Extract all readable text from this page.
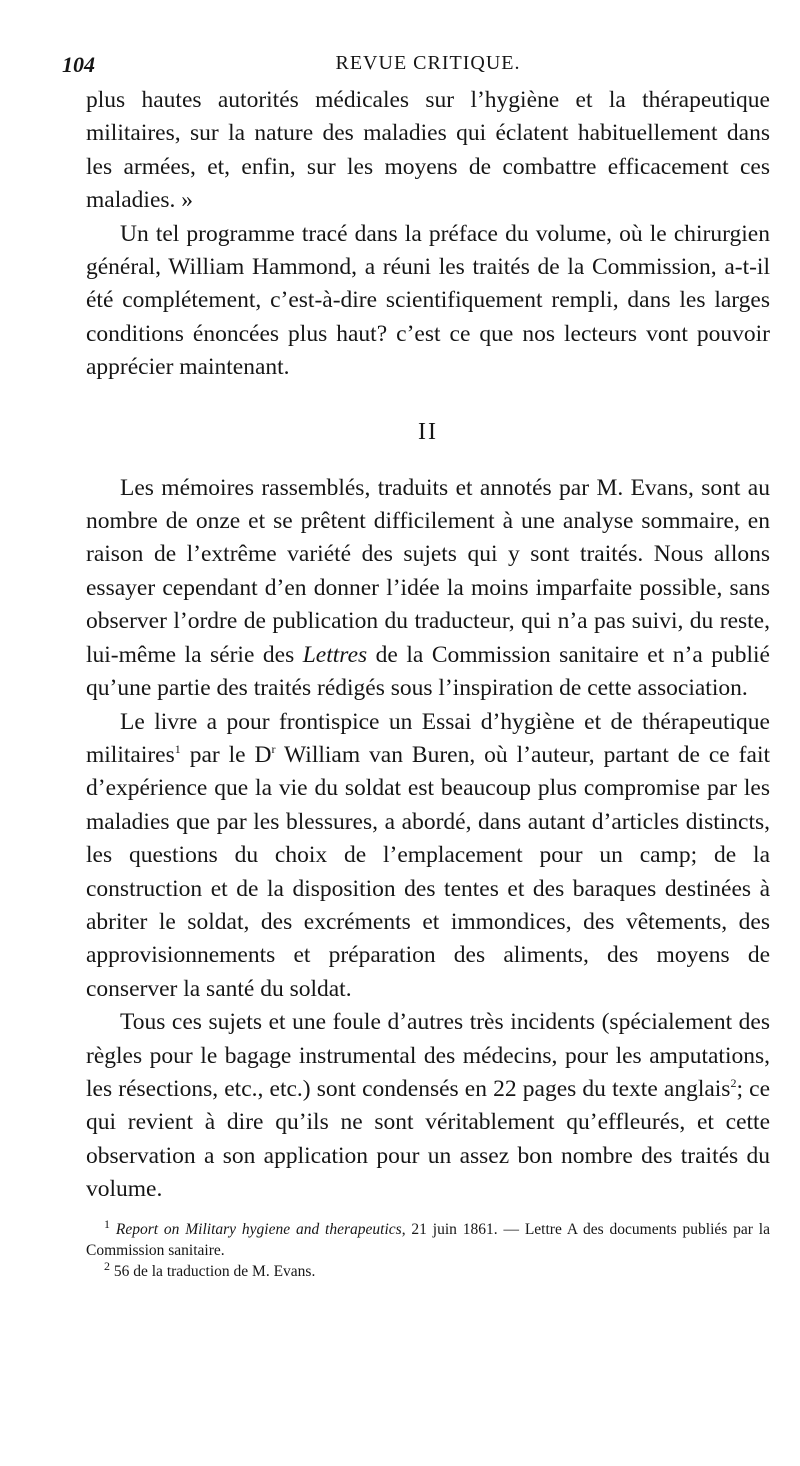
104	REVUE CRITIQUE.

plus hautes autorités médicales sur l’hygiène et la thérapeutique militaires, sur la nature des maladies qui éclatent habituellement dans les armées, et, enfin, sur les moyens de combattre efficacement ces maladies. »

Un tel programme tracé dans la préface du volume, où le chirurgien général, William Hammond, a réuni les traités de la Commission, a-t-il été complétement, c’est-à-dire scientifiquement rempli, dans les larges conditions énoncées plus haut? c’est ce que nos lecteurs vont pouvoir apprécier maintenant.

II

Les mémoires rassemblés, traduits et annotés par M. Evans, sont au nombre de onze et se prêtent difficilement à une analyse sommaire, en raison de l’extrême variété des sujets qui y sont traités. Nous allons essayer cependant d’en donner l’idée la moins imparfaite possible, sans observer l’ordre de publication du traducteur, qui n’a pas suivi, du reste, lui-même la série des Lettres de la Commission sanitaire et n’a publié qu’une partie des traités rédigés sous l’inspiration de cette association.

Le livre a pour frontispice un Essai d’hygiène et de thérapeutique militaires$^1$ par le $D^r$ William van Buren, où l’auteur, partant de ce fait d’expérience que la vie du soldat est beaucoup plus compromise par les maladies que par les blessures, a abordé, dans autant d’articles distincts, les questions du choix de l’emplacement pour un camp; de la construction et de la disposition des tentes et des baraques destinées à abriter le soldat, des excréments et immondices, des vêtements, des approvisionnements et préparation des aliments, des moyens de conserver la santé du soldat.

Tous ces sujets et une foule d’autres très incidents (spécialement des règles pour le bagage instrumental des médecins, pour les amputations, les résections, etc., etc.) sont condensés en 22 pages du texte anglais$^2$; ce qui revient à dire qu’ils ne sont véritablement qu’effleurés, et cette observation a son application pour un assez bon nombre des traités du volume.

$^1$ Report on Military hygiene and therapeutics, 21 juin 1861. — Lettre A des documents publiés par la Commission sanitaire.

$^2$ 56 de la traduction de M. Evans.
